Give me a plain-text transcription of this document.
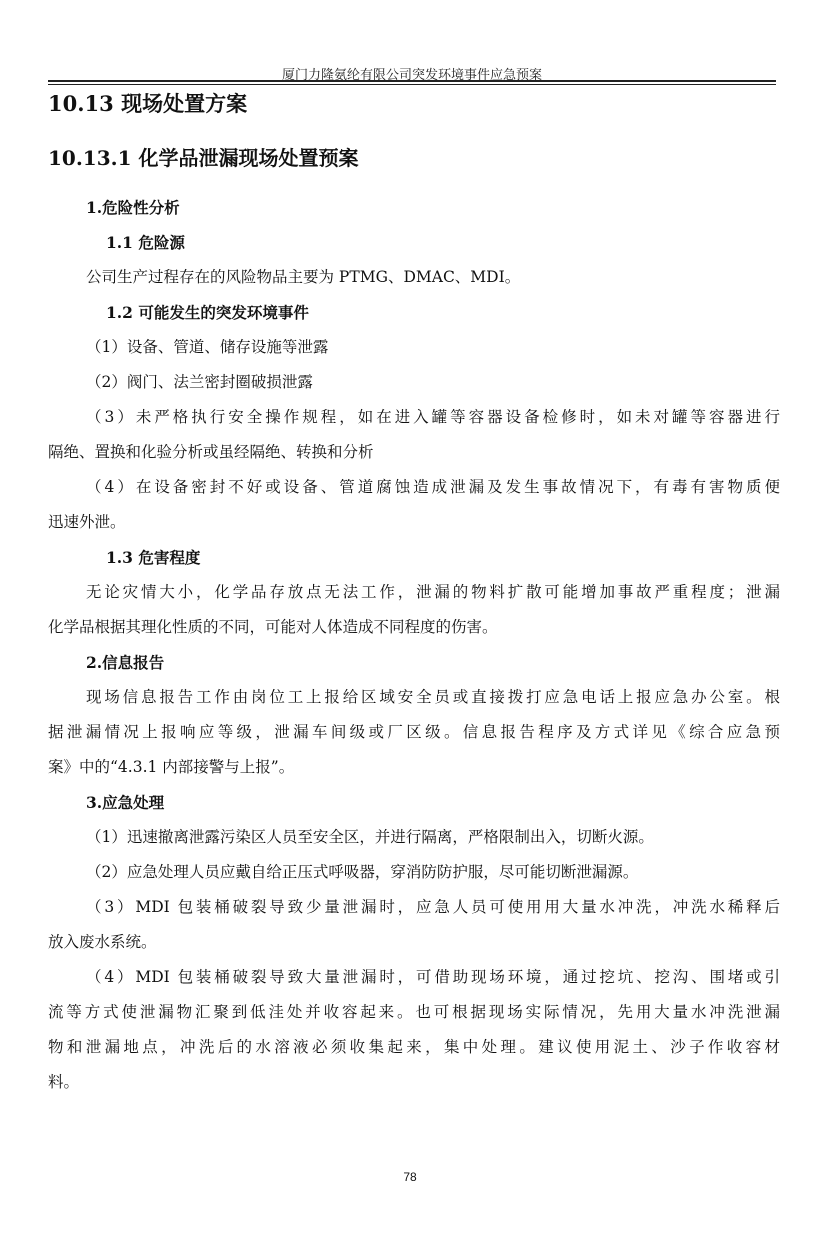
厦门力隆氨纶有限公司突发环境事件应急预案
10.13 现场处置方案
10.13.1 化学品泄漏现场处置预案
1.危险性分析
1.1 危险源
公司生产过程存在的风险物品主要为 PTMG、DMAC、MDI。
1.2 可能发生的突发环境事件
（1）设备、管道、储存设施等泄露
（2）阀门、法兰密封圈破损泄露
（3）未严格执行安全操作规程，如在进入罐等容器设备检修时，如未对罐等容器进行
隔绝、置换和化验分析或虽经隔绝、转换和分析
（4）在设备密封不好或设备、管道腐蚀造成泄漏及发生事故情况下，有毒有害物质便
迅速外泄。
1.3 危害程度
无论灾情大小，化学品存放点无法工作，泄漏的物料扩散可能增加事故严重程度；泄漏
化学品根据其理化性质的不同，可能对人体造成不同程度的伤害。
2.信息报告
现场信息报告工作由岗位工上报给区域安全员或直接拨打应急电话上报应急办公室。根
据泄漏情况上报响应等级，泄漏车间级或厂区级。信息报告程序及方式详见《综合应急预
案》中的“4.3.1 内部接警与上报”。
3.应急处理
（1）迅速撤离泄露污染区人员至安全区，并进行隔离，严格限制出入，切断火源。
（2）应急处理人员应戴自给正压式呼吸器，穿消防防护服，尽可能切断泄漏源。
（3）MDI 包装桶破裂导致少量泄漏时，应急人员可使用用大量水冲洗，冲洗水稀释后
放入废水系统。
（4）MDI 包装桶破裂导致大量泄漏时，可借助现场环境，通过挖坑、挖沟、围堵或引
流等方式使泄漏物汇聚到低洼处并收容起来。也可根据现场实际情况，先用大量水冲洗泄漏
物和泄漏地点，冲洗后的水溶液必须收集起来，集中处理。建议使用泥土、沙子作收容材
料。
78
